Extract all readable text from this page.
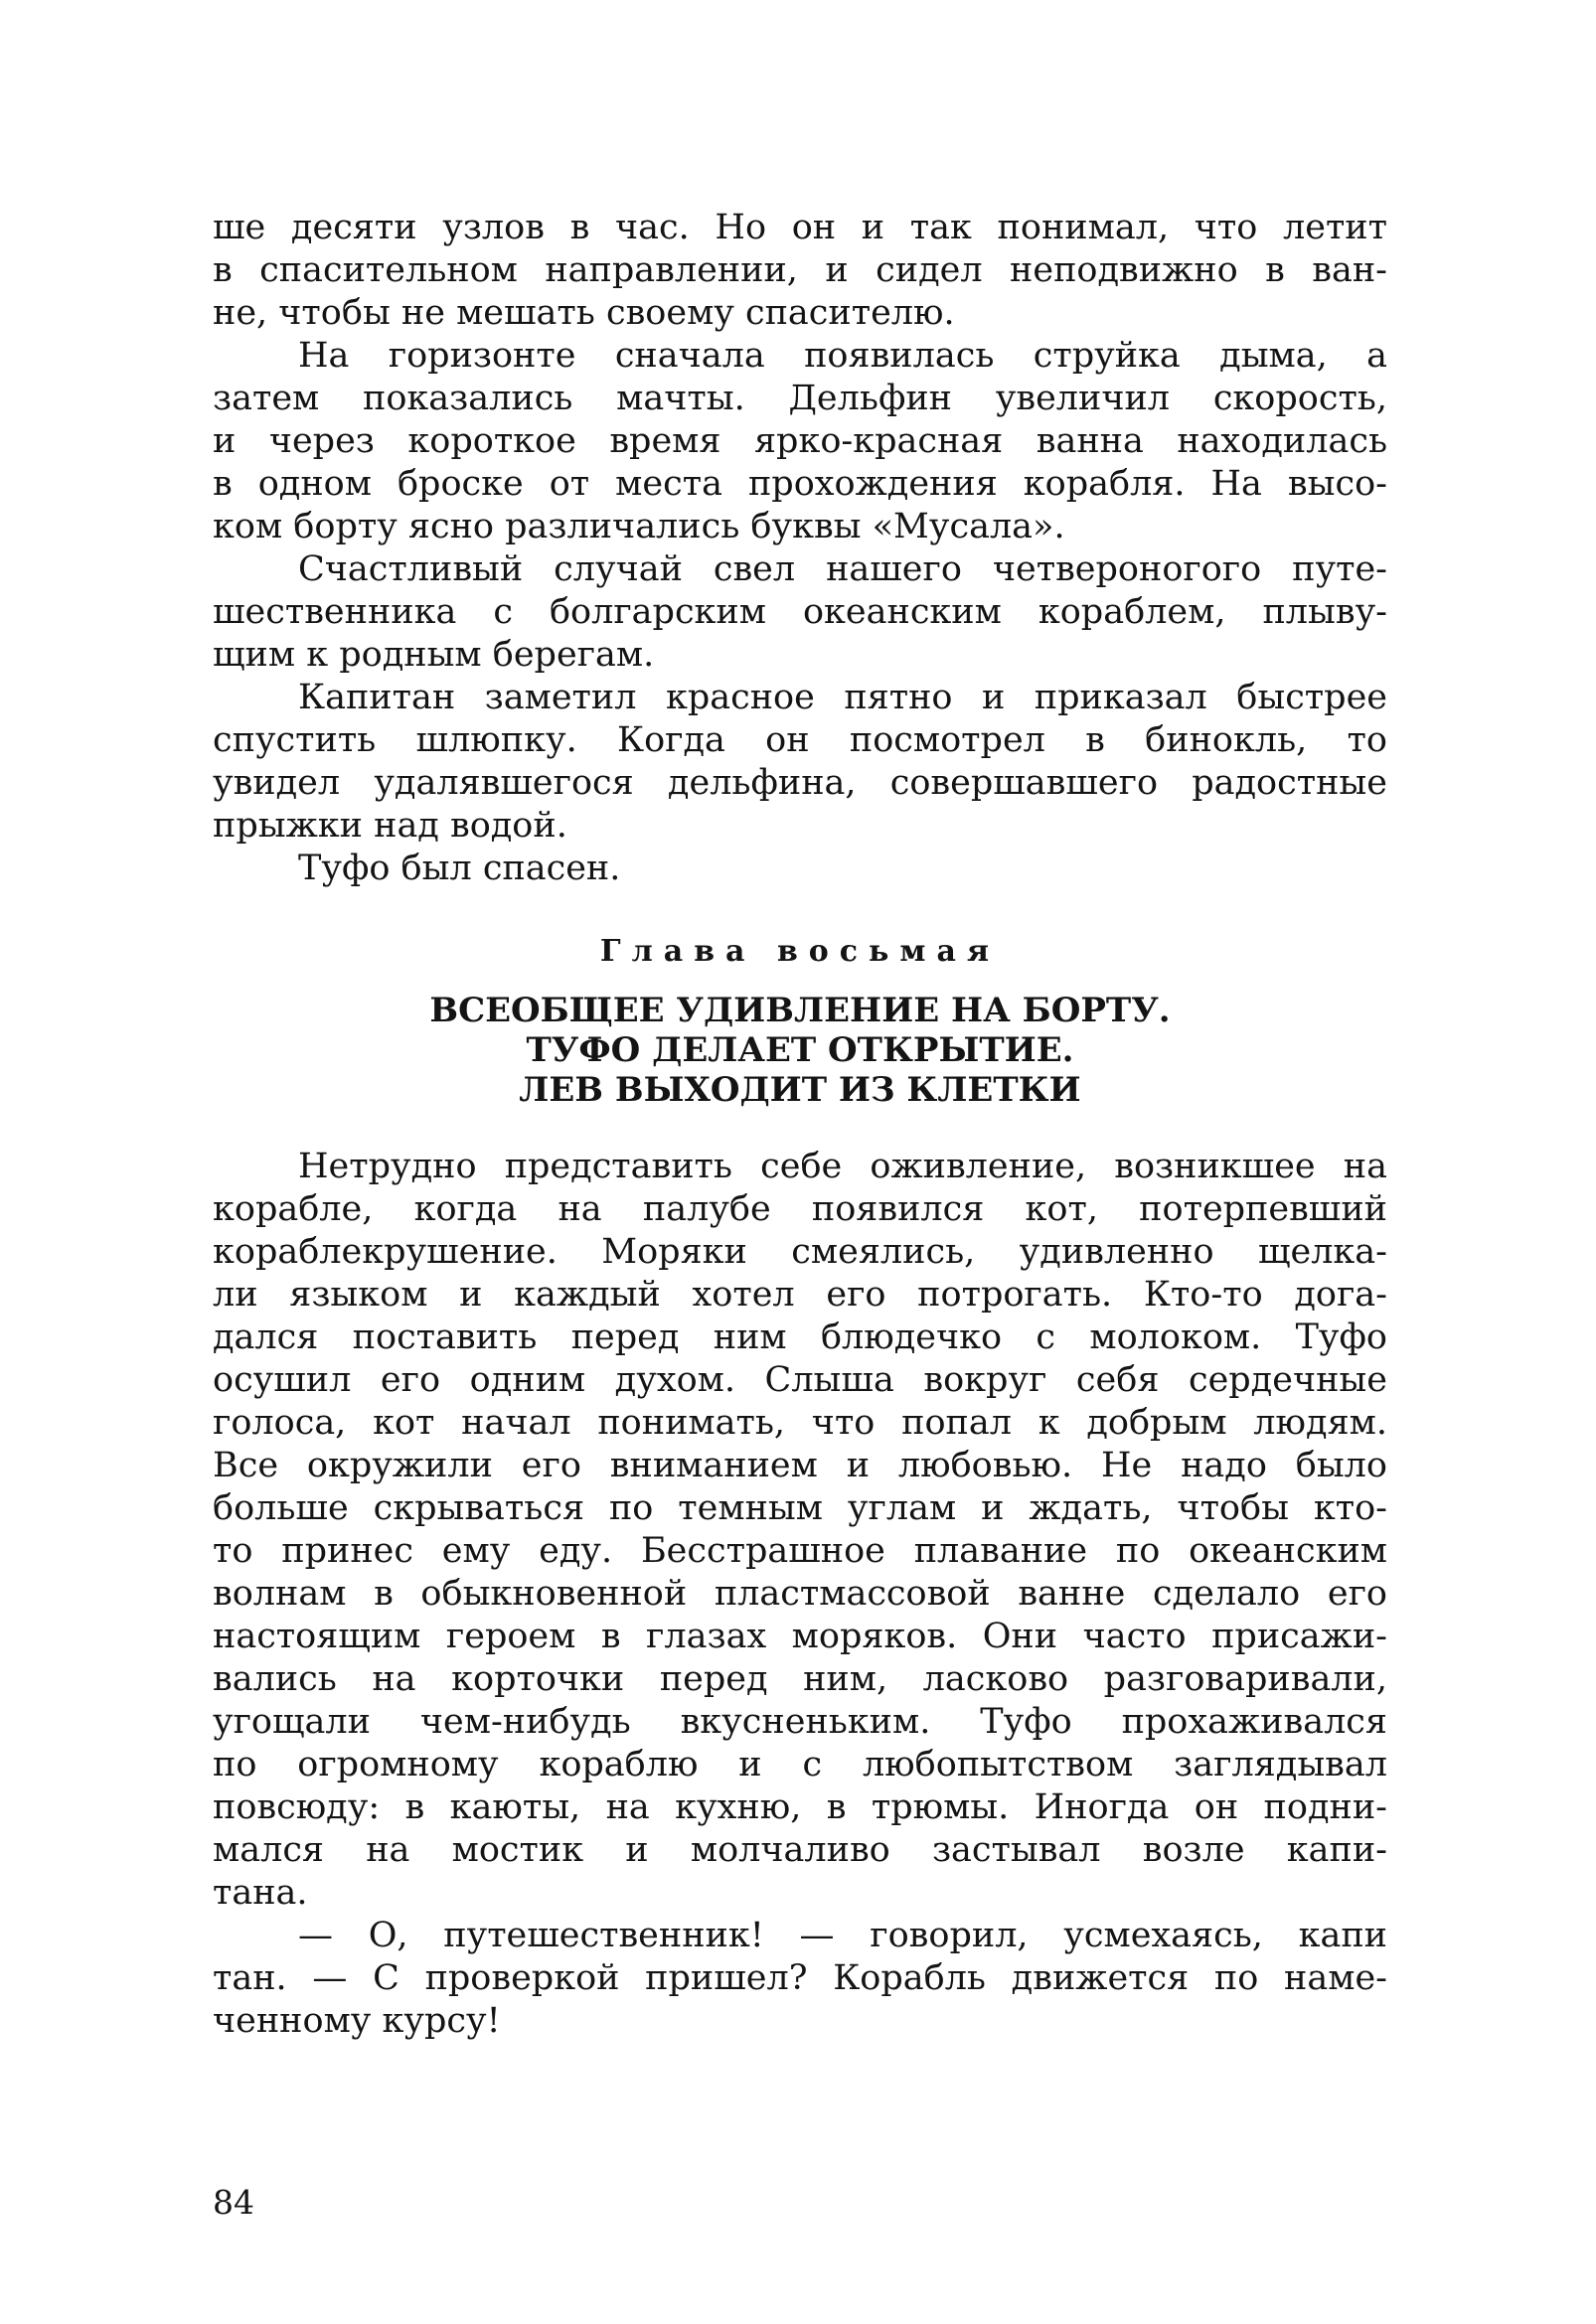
ше десяти узлов в час. Но он и так понимал, что летит
в спасительном направлении, и сидел неподвижно в ван-
не, чтобы не мешать своему спасителю.
На горизонте сначала появилась струйка дыма, а
затем показались мачты. Дельфин увеличил скорость,
и через короткое время ярко-красная ванна находилась
в одном броске от места прохождения корабля. На высо-
ком борту ясно различались буквы «Мусала».
Счастливый случай свел нашего четвероногого путе-
шественника с болгарским океанским кораблем, плыву-
щим к родным берегам.
Капитан заметил красное пятно и приказал быстрее
спустить шлюпку. Когда он посмотрел в бинокль, то
увидел удалявшегося дельфина, совершавшего радостные
прыжки над водой.
Туфо был спасен.
Глава восьмая
ВСЕОБЩЕЕ УДИВЛЕНИЕ НА БОРТУ.
ТУФО ДЕЛАЕТ ОТКРЫТИЕ.
ЛЕВ ВЫХОДИТ ИЗ КЛЕТКИ
Нетрудно представить себе оживление, возникшее на
корабле, когда на палубе появился кот, потерпевший
кораблекрушение. Моряки смеялись, удивленно щелка-
ли языком и каждый хотел его потрогать. Кто-то дога-
дался поставить перед ним блюдечко с молоком. Туфо
осушил его одним духом. Слыша вокруг себя сердечные
голоса, кот начал понимать, что попал к добрым людям.
Все окружили его вниманием и любовью. Не надо было
больше скрываться по темным углам и ждать, чтобы кто-
то принес ему еду. Бесстрашное плавание по океанским
волнам в обыкновенной пластмассовой ванне сделало его
настоящим героем в глазах моряков. Они часто присажи-
вались на корточки перед ним, ласково разговаривали,
угощали чем-нибудь вкусненьким. Туфо прохаживался
по огромному кораблю и с любопытством заглядывал
повсюду: в каюты, на кухню, в трюмы. Иногда он подни-
мался на мостик и молчаливо застывал возле капи-
тана.
— О, путешественник! — говорил, усмехаясь, капи
тан. — С проверкой пришел? Корабль движется по наме-
ченному курсу!
84
